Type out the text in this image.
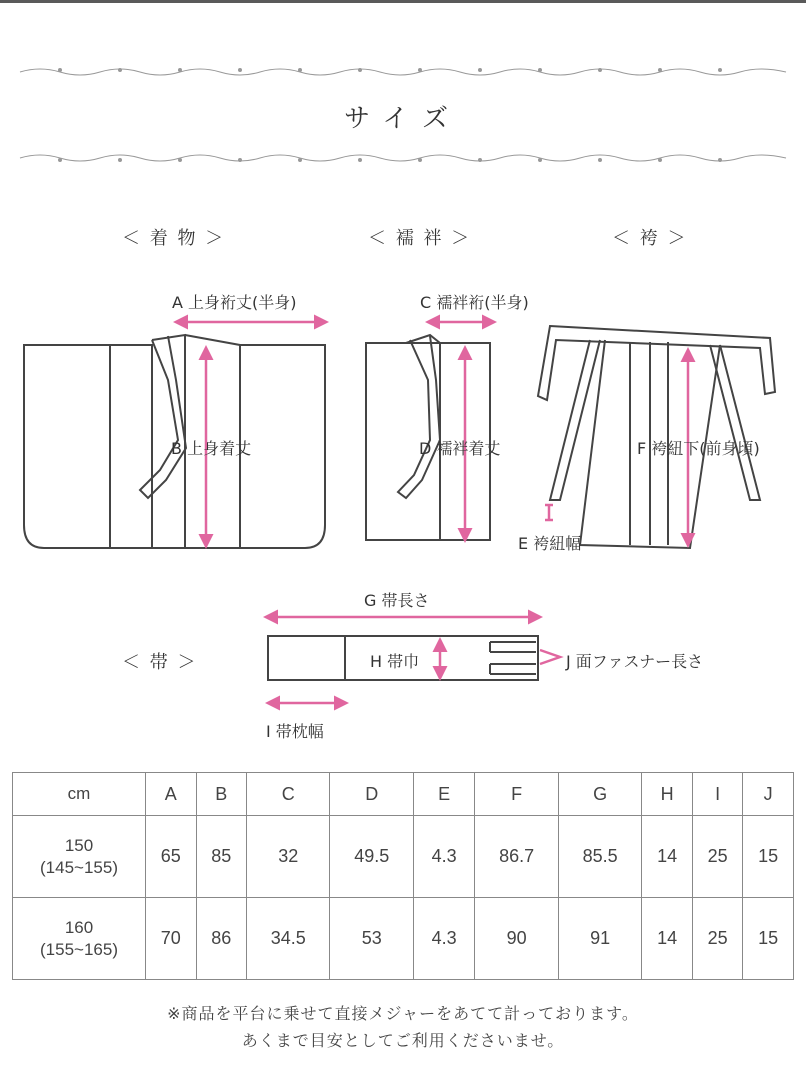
サイズ
＜ 着 物 ＞	＜ 襦 袢 ＞	＜ 袴 ＞
＜ 帯 ＞
A 上身裄丈(半身)
B 上身着丈
C 襦袢裄(半身)
D 襦袢着丈
E 袴紐幅
F 袴紐下(前身頃)
G 帯長さ
H 帯巾
I 帯枕幅
J 面ファスナー長さ
cm	A	B	C	D	E	F	G	H	I	J

150
(145~155)	65	85	32	49.5	4.3	86.7	85.5	14	25	15

160
(155~165)	70	86	34.5	53	4.3	90	91	14	25	15
※商品を平台に乗せて直接メジャーをあてて計っております。
あくまで目安としてご利用くださいませ。
